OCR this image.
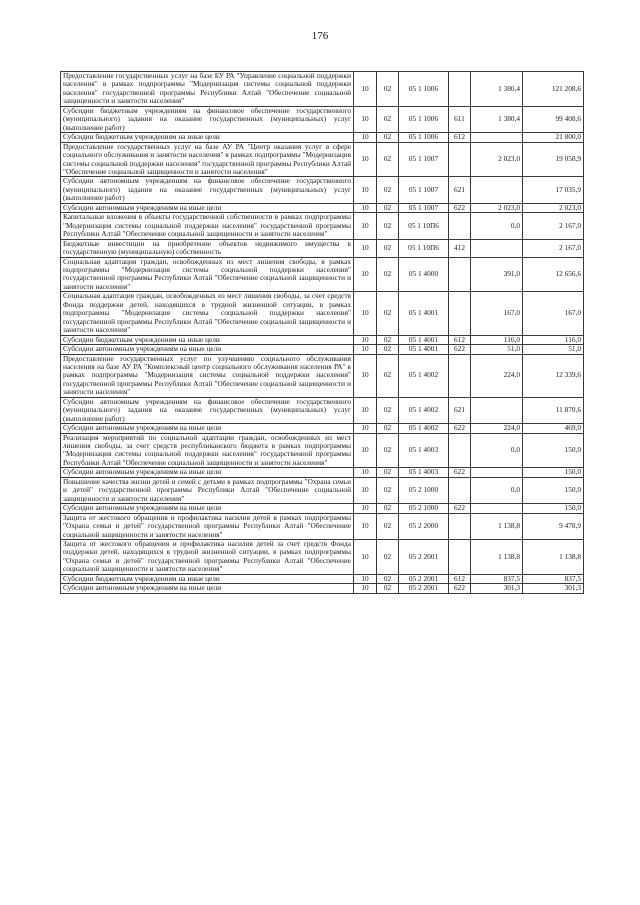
176
Предоставление государственных услуг на базе БУ РА "Управление социальной поддержки населения" в рамках подпрограммы "Модернизация системы социальной поддержки населения" государственной программы Республики Алтай "Обеспечение социальной защищенности и занятости населения"	10	02	05 1 1006		1 380,4	121 208,6
Субсидии бюджетным учреждениям на финансовое обеспечение государственного (муниципального) задания на оказание государственных (муниципальных) услуг (выполнение работ)	10	02	05 1 1006	611	1 380,4	99 408,6
Субсидии бюджетным учреждениям на иные цели	10	02	05 1 1006	612		21 800,0
Предоставление государственных услуг на базе АУ РА "Центр оказания услуг в сфере социального обслуживания и занятости населения" в рамках подпрограммы "Модернизация системы социальной поддержки населения" государственной программы Республики Алтай "Обеспечение социальной защищенности и занятости населения"	10	02	05 1 1007		2 023,0	19 058,9
Субсидии автономным учреждениям на финансовое обеспечение государственного (муниципального) задания на оказание государственных (муниципальных) услуг (выполнение работ)	10	02	05 1 1007	621		17 035,9
Субсидии автономным учреждениям на иные цели	10	02	05 1 1007	622	2 023,0	2 023,0
Капитальные вложения в объекты государственной собственности в рамках подпрограммы "Модернизация системы социальной поддержки населения" государственной программы Республики Алтай "Обеспечение социальной защищенности и занятости населения"	10	02	05 1 10П6		0,0	2 167,0
Бюджетные инвестиции на приобретение объектов недвижимого имущества в государственную (муниципальную) собственность	10	02	05 1 10П6	412		2 167,0
Социальная адаптация граждан, освобожденных из мест лишения свободы, в рамках подпрограммы "Модернизация системы социальной поддержки населения" государственной программы Республики Алтай "Обеспечение социальной защищенности и занятости населения"	10	02	05 1 4000		391,0	12 656,6
Социальная адаптация граждан, освобожденных из мест лишения свободы, за счет средств Фонда поддержки детей, находящихся в трудной жизненной ситуации, в рамках подпрограммы "Модернизация системы социальной поддержки населения" государственной программы Республики Алтай "Обеспечение социальной защищенности и занятости населения"	10	02	05 1 4001		167,0	167,0
Субсидии бюджетным учреждениям на иные цели	10	02	05 1 4001	612	116,0	116,0
Субсидии автономным учреждениям на иные цели	10	02	05 1 4001	622	51,0	51,0
Предоставление государственных услуг по улучшению социального обслуживания населения на базе АУ РА "Комплексный центр социального обслуживания населения РА" в рамках подпрограммы "Модернизация системы социальной поддержки населения" государственной программы Республики Алтай "Обеспечение социальной защищенности и занятости населения"	10	02	05 1 4002		224,0	12 339,6
Субсидии автономным учреждениям на финансовое обеспечение государственного (муниципального) задания на оказание государственных (муниципальных) услуг (выполнение работ)	10	02	05 1 4002	621		11 870,6
Субсидии автономным учреждениям на иные цели	10	02	05 1 4002	622	224,0	469,0
Реализация мероприятий по социальной адаптации граждан, освобожденных из мест лишения свободы, за счет средств республиканского бюджета в рамках подпрограммы "Модернизация системы социальной поддержки населения" государственной программы Республики Алтай "Обеспечение социальной защищенности и занятости населения"	10	02	05 1 4003		0,0	150,0
Субсидии автономным учреждениям на иные цели	10	02	05 1 4003	622		150,0
Повышение качества жизни детей и семей с детьми в рамках подпрограммы "Охрана семьи и детей" государственной программы Республики Алтай "Обеспечение социальной защищенности и занятости населения"	10	02	05 2 1000		0,0	150,0
Субсидии автономным учреждениям на иные цели	10	02	05 2 1000	622		150,0
Защита от жестокого обращения и профилактика насилия детей в рамках подпрограммы "Охрана семьи и детей" государственной программы Республики Алтай "Обеспечение социальной защищенности и занятости населения"	10	02	05 2 2000		1 138,8	9 478,9
Защита от жестокого обращения и профилактика насилия детей за счет средств Фонда поддержки детей, находящихся в трудной жизненной ситуации, в рамках подпрограммы "Охрана семьи и детей" государственной программы Республики Алтай "Обеспечение социальной защищенности и занятости населения"	10	02	05 2 2001		1 138,8	1 138,8
Субсидии бюджетным учреждениям на иные цели	10	02	05 2 2001	612	837,5	837,5
Субсидии автономным учреждениям на иные цели	10	02	05 2 2001	622	301,3	301,3
